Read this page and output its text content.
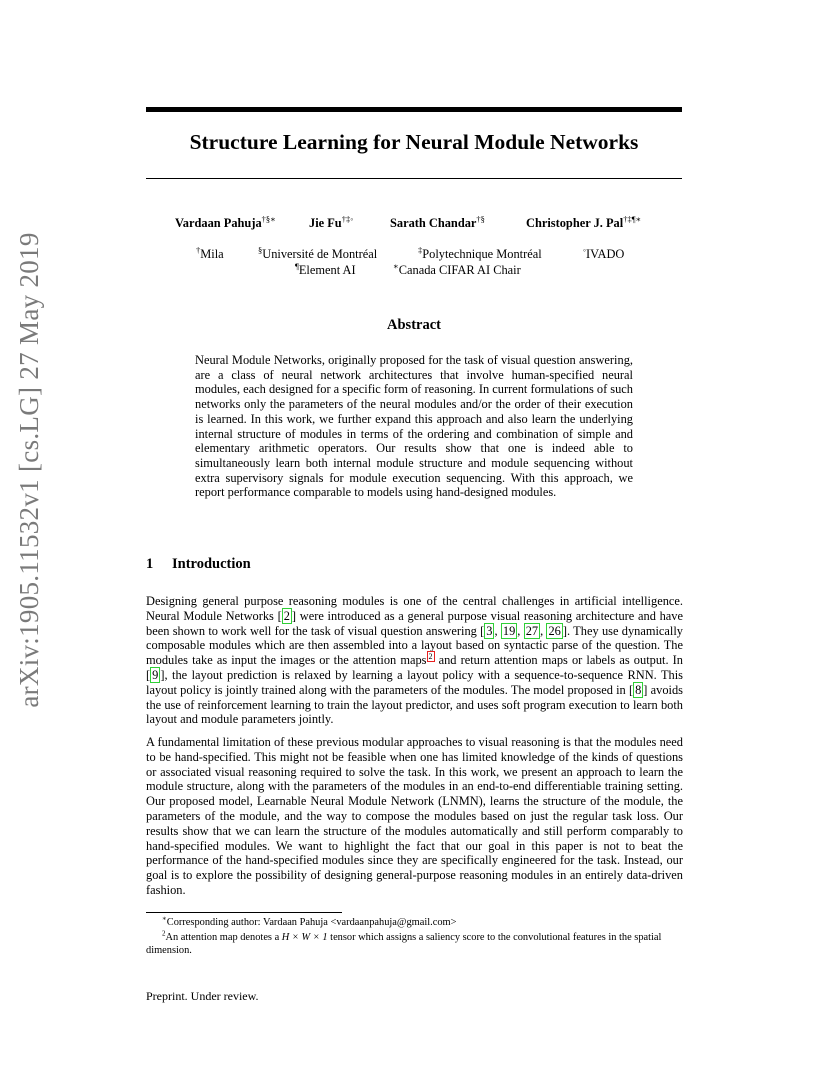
arXiv:1905.11532v1 [cs.LG] 27 May 2019
Structure Learning for Neural Module Networks
Vardaan Pahuja†§∗	Jie Fu†‡◦	Sarath Chandar†§	Christopher J. Pal†‡¶∗
†Mila	§Université de Montréal	‡Polytechnique Montréal	◦IVADO
¶Element AI	∗Canada CIFAR AI Chair
Abstract
Neural Module Networks, originally proposed for the task of visual question answering, are a class of neural network architectures that involve human-specified neural modules, each designed for a specific form of reasoning. In current formulations of such networks only the parameters of the neural modules and/or the order of their execution is learned. In this work, we further expand this approach and also learn the underlying internal structure of modules in terms of the ordering and combination of simple and elementary arithmetic operators. Our results show that one is indeed able to simultaneously learn both internal module structure and module sequencing without extra supervisory signals for module execution sequencing. With this approach, we report performance comparable to models using hand-designed modules.
1 Introduction
Designing general purpose reasoning modules is one of the central challenges in artificial intelligence. Neural Module Networks [ 2 ] were introduced as a general purpose visual reasoning architecture and have been shown to work well for the task of visual question answering [ 3 , 19 , 27 , 26 ]. They use dynamically composable modules which are then assembled into a layout based on syntactic parse of the question. The modules take as input the images or the attention maps $^2$ and return attention maps or labels as output. In [ 9 ], the layout prediction is relaxed by learning a layout policy with a sequence-to-sequence RNN. This layout policy is jointly trained along with the parameters of the modules. The model proposed in [ 8 ] avoids the use of reinforcement learning to train the layout predictor, and uses soft program execution to learn both layout and module parameters jointly.
A fundamental limitation of these previous modular approaches to visual reasoning is that the modules need to be hand-specified. This might not be feasible when one has limited knowledge of the kinds of questions or associated visual reasoning required to solve the task. In this work, we present an approach to learn the module structure, along with the parameters of the modules in an end-to-end differentiable training setting. Our proposed model, Learnable Neural Module Network (LNMN), learns the structure of the module, the parameters of the module, and the way to compose the modules based on just the regular task loss. Our results show that we can learn the structure of the modules automatically and still perform comparably to hand-specified modules. We want to highlight the fact that our goal in this paper is not to beat the performance of the hand-specified modules since they are specifically engineered for the task. Instead, our goal is to explore the possibility of designing general-purpose reasoning modules in an entirely data-driven fashion.
∗Corresponding author: Vardaan Pahuja <vardaanpahuja@gmail.com>
$^2$An attention map denotes a H × W × 1 tensor which assigns a saliency score to the convolutional features in the spatial dimension.
Preprint. Under review.
